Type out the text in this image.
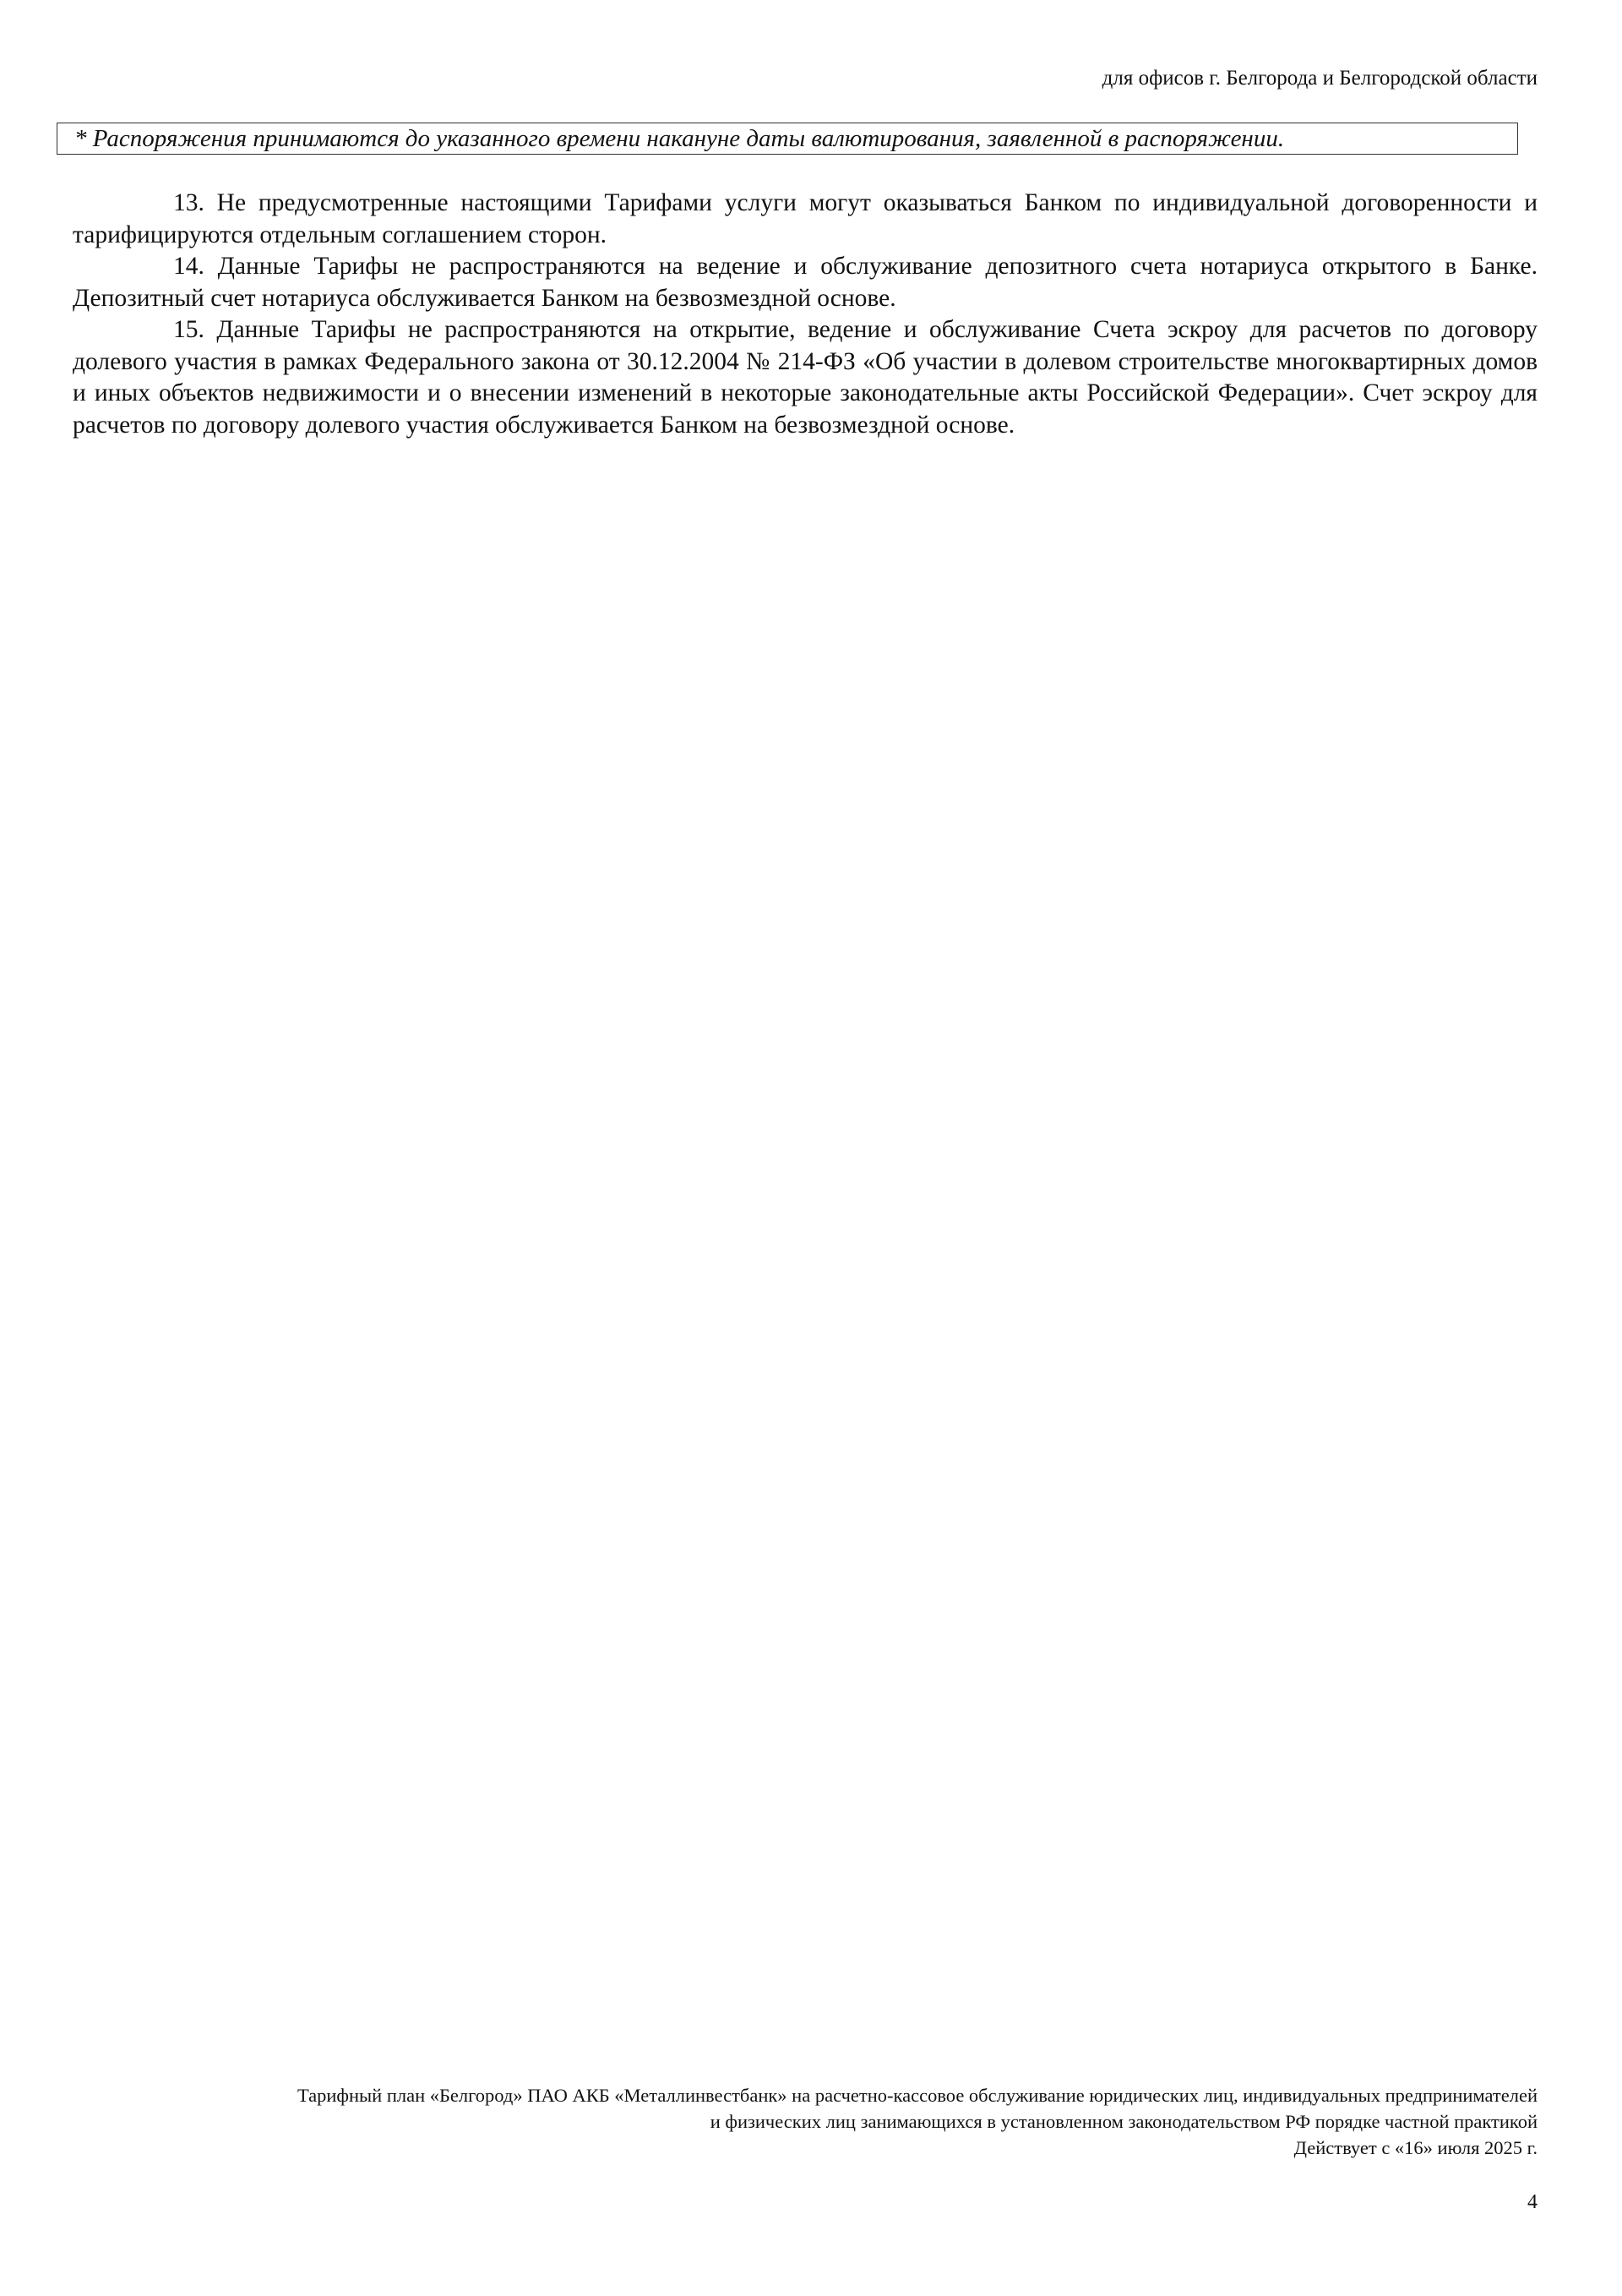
для офисов г. Белгорода и Белгородской области
* Распоряжения принимаются до указанного времени накануне даты валютирования, заявленной в распоряжении.

13. Не предусмотренные настоящими Тарифами услуги могут оказываться Банком по индивидуальной договоренности и тарифицируются отдельным соглашением сторон.

14. Данные Тарифы не распространяются на ведение и обслуживание депозитного счета нотариуса открытого в Банке. Депозитный счет нотариуса обслуживается Банком на безвозмездной основе.

15. Данные Тарифы не распространяются на открытие, ведение и обслуживание Счета эскроу для расчетов по договору долевого участия в рамках Федерального закона от 30.12.2004 № 214-ФЗ «Об участии в долевом строительстве многоквартирных домов и иных объектов недвижимости и о внесении изменений в некоторые законодательные акты Российской Федерации». Счет эскроу для расчетов по договору долевого участия обслуживается Банком на безвозмездной основе.

Тарифный план «Белгород» ПАО АКБ «Металлинвестбанк» на расчетно-кассовое обслуживание юридических лиц, индивидуальных предпринимателей
и физических лиц занимающихся в установленном законодательством РФ порядке частной практикой
Действует с «16» июля 2025 г.
4
